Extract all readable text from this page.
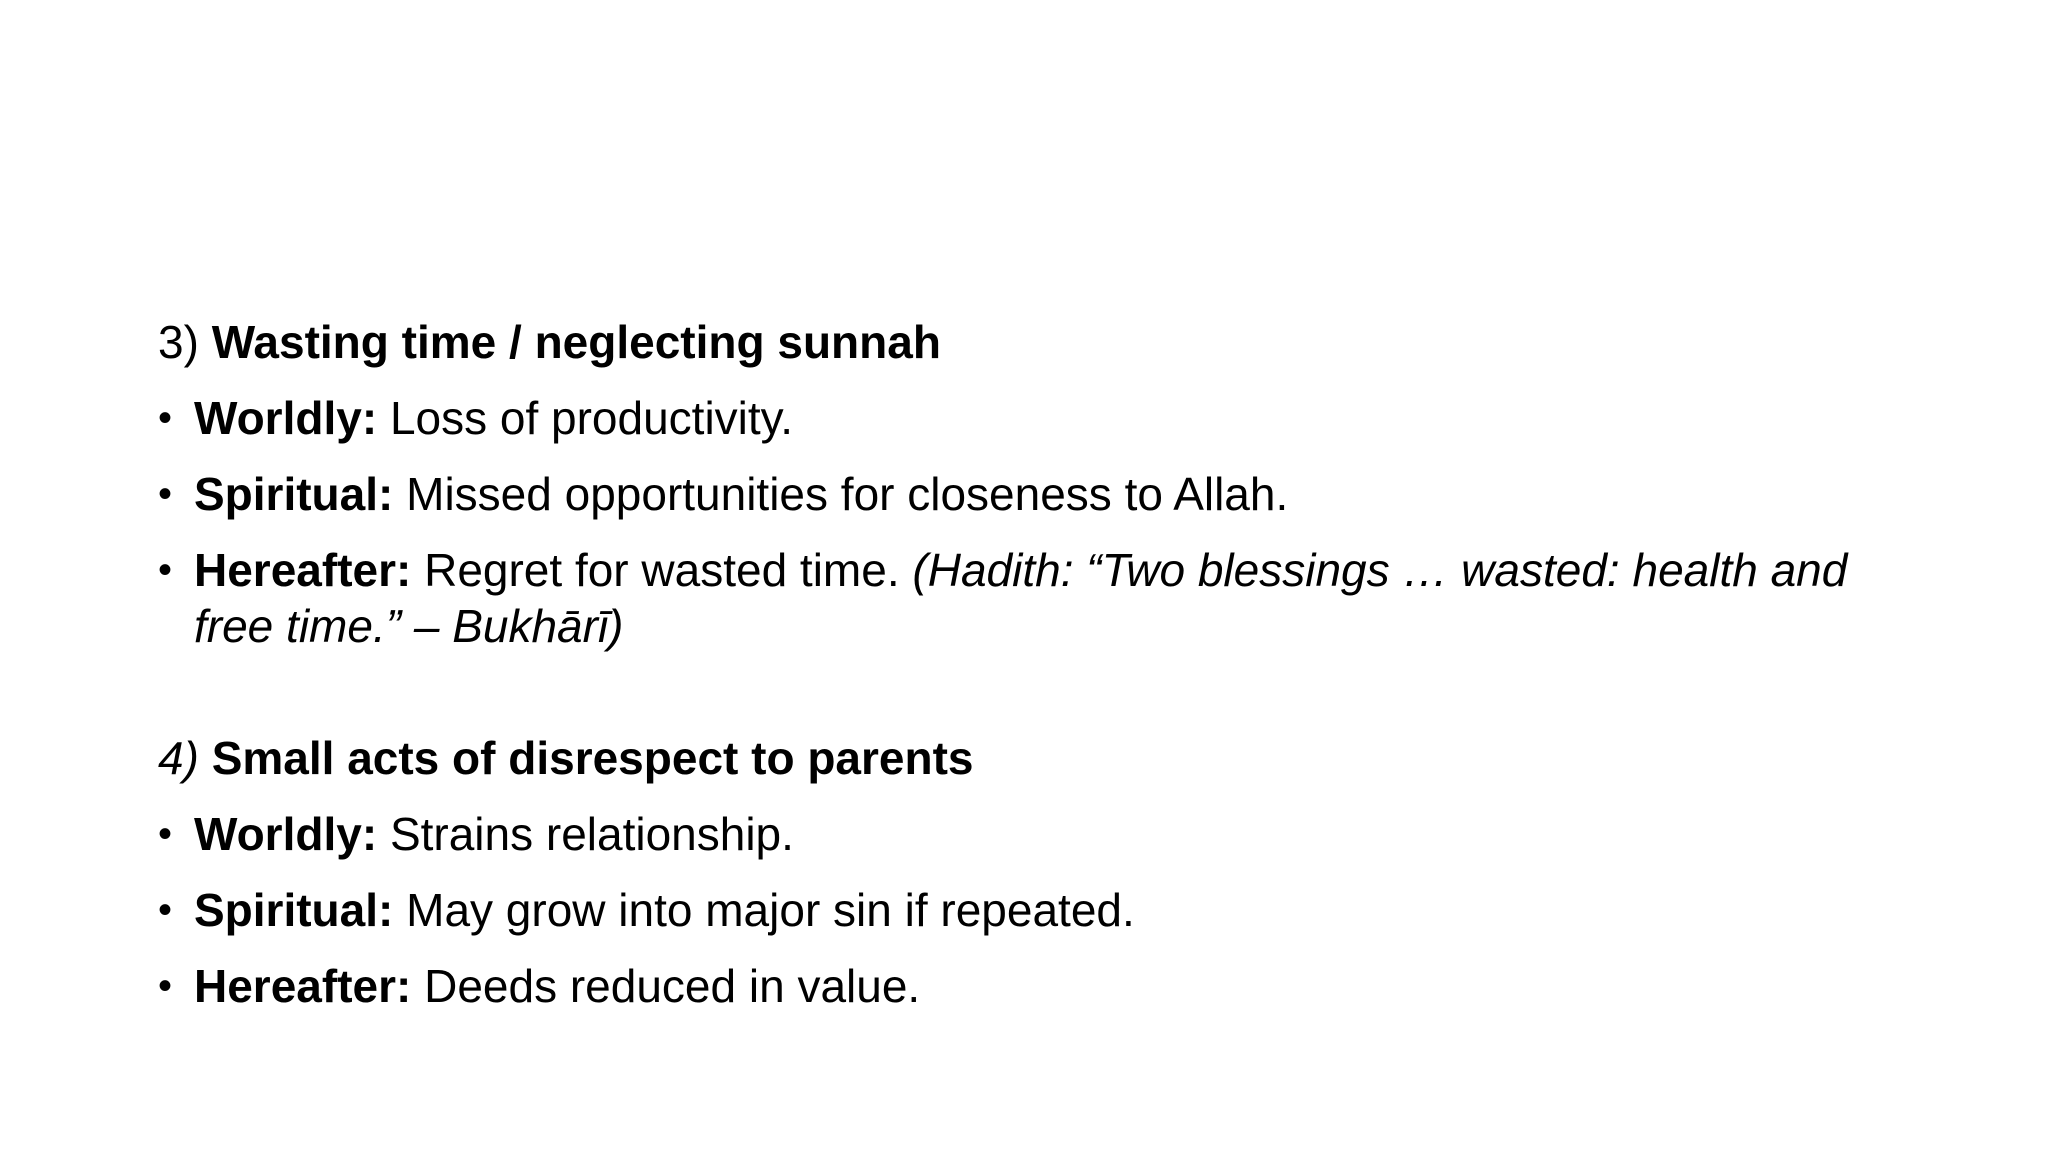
3) Wasting time / neglecting sunnah
• Worldly: Loss of productivity.
• Spiritual: Missed opportunities for closeness to Allah.
• Hereafter: Regret for wasted time. (Hadith: “Two blessings … wasted: health and free time.” – Bukhārī)
4) Small acts of disrespect to parents
• Worldly: Strains relationship.
• Spiritual: May grow into major sin if repeated.
• Hereafter: Deeds reduced in value.
